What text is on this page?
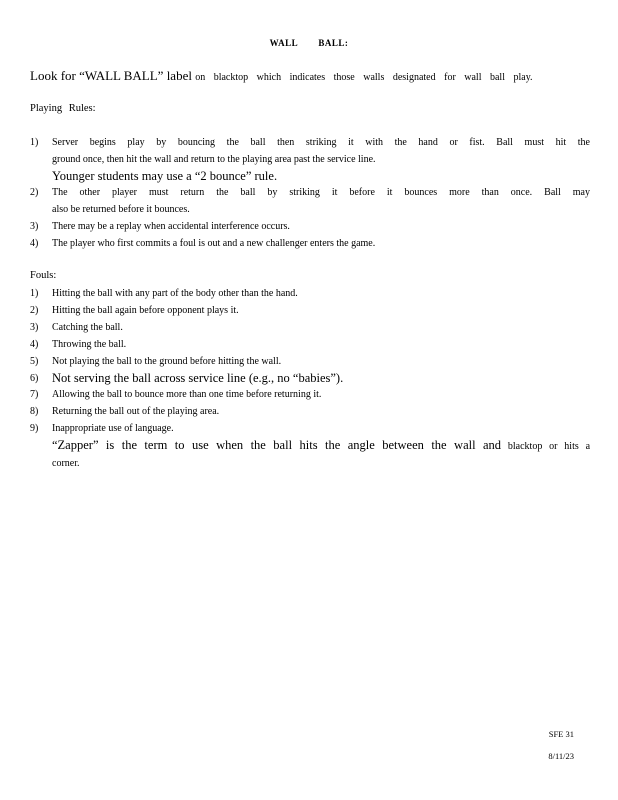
WALL BALL:
Look for “WALL BALL” label on blacktop which indicates those walls designated for wall ball play.
Playing Rules:
1) Server begins play by bouncing the ball then striking it with the hand or fist. Ball must hit the
ground once, then hit the wall and return to the playing area past the service line.
Younger students may use a “2 bounce” rule.
2) The other player must return the ball by striking it before it bounces more than once. Ball may
also be returned before it bounces.
3) There may be a replay when accidental interference occurs.
4) The player who first commits a foul is out and a new challenger enters the game.
Fouls:
1) Hitting the ball with any part of the body other than the hand.
2) Hitting the ball again before opponent plays it.
3) Catching the ball.
4) Throwing the ball.
5) Not playing the ball to the ground before hitting the wall.
6) Not serving the ball across service line (e.g., no “babies”).
7) Allowing the ball to bounce more than one time before returning it.
8) Returning the ball out of the playing area.
9) Inappropriate use of language.
“Zapper” is the term to use when the ball hits the angle between the wall and blacktop or hits a
corner.
SFE 31
8/11/23
